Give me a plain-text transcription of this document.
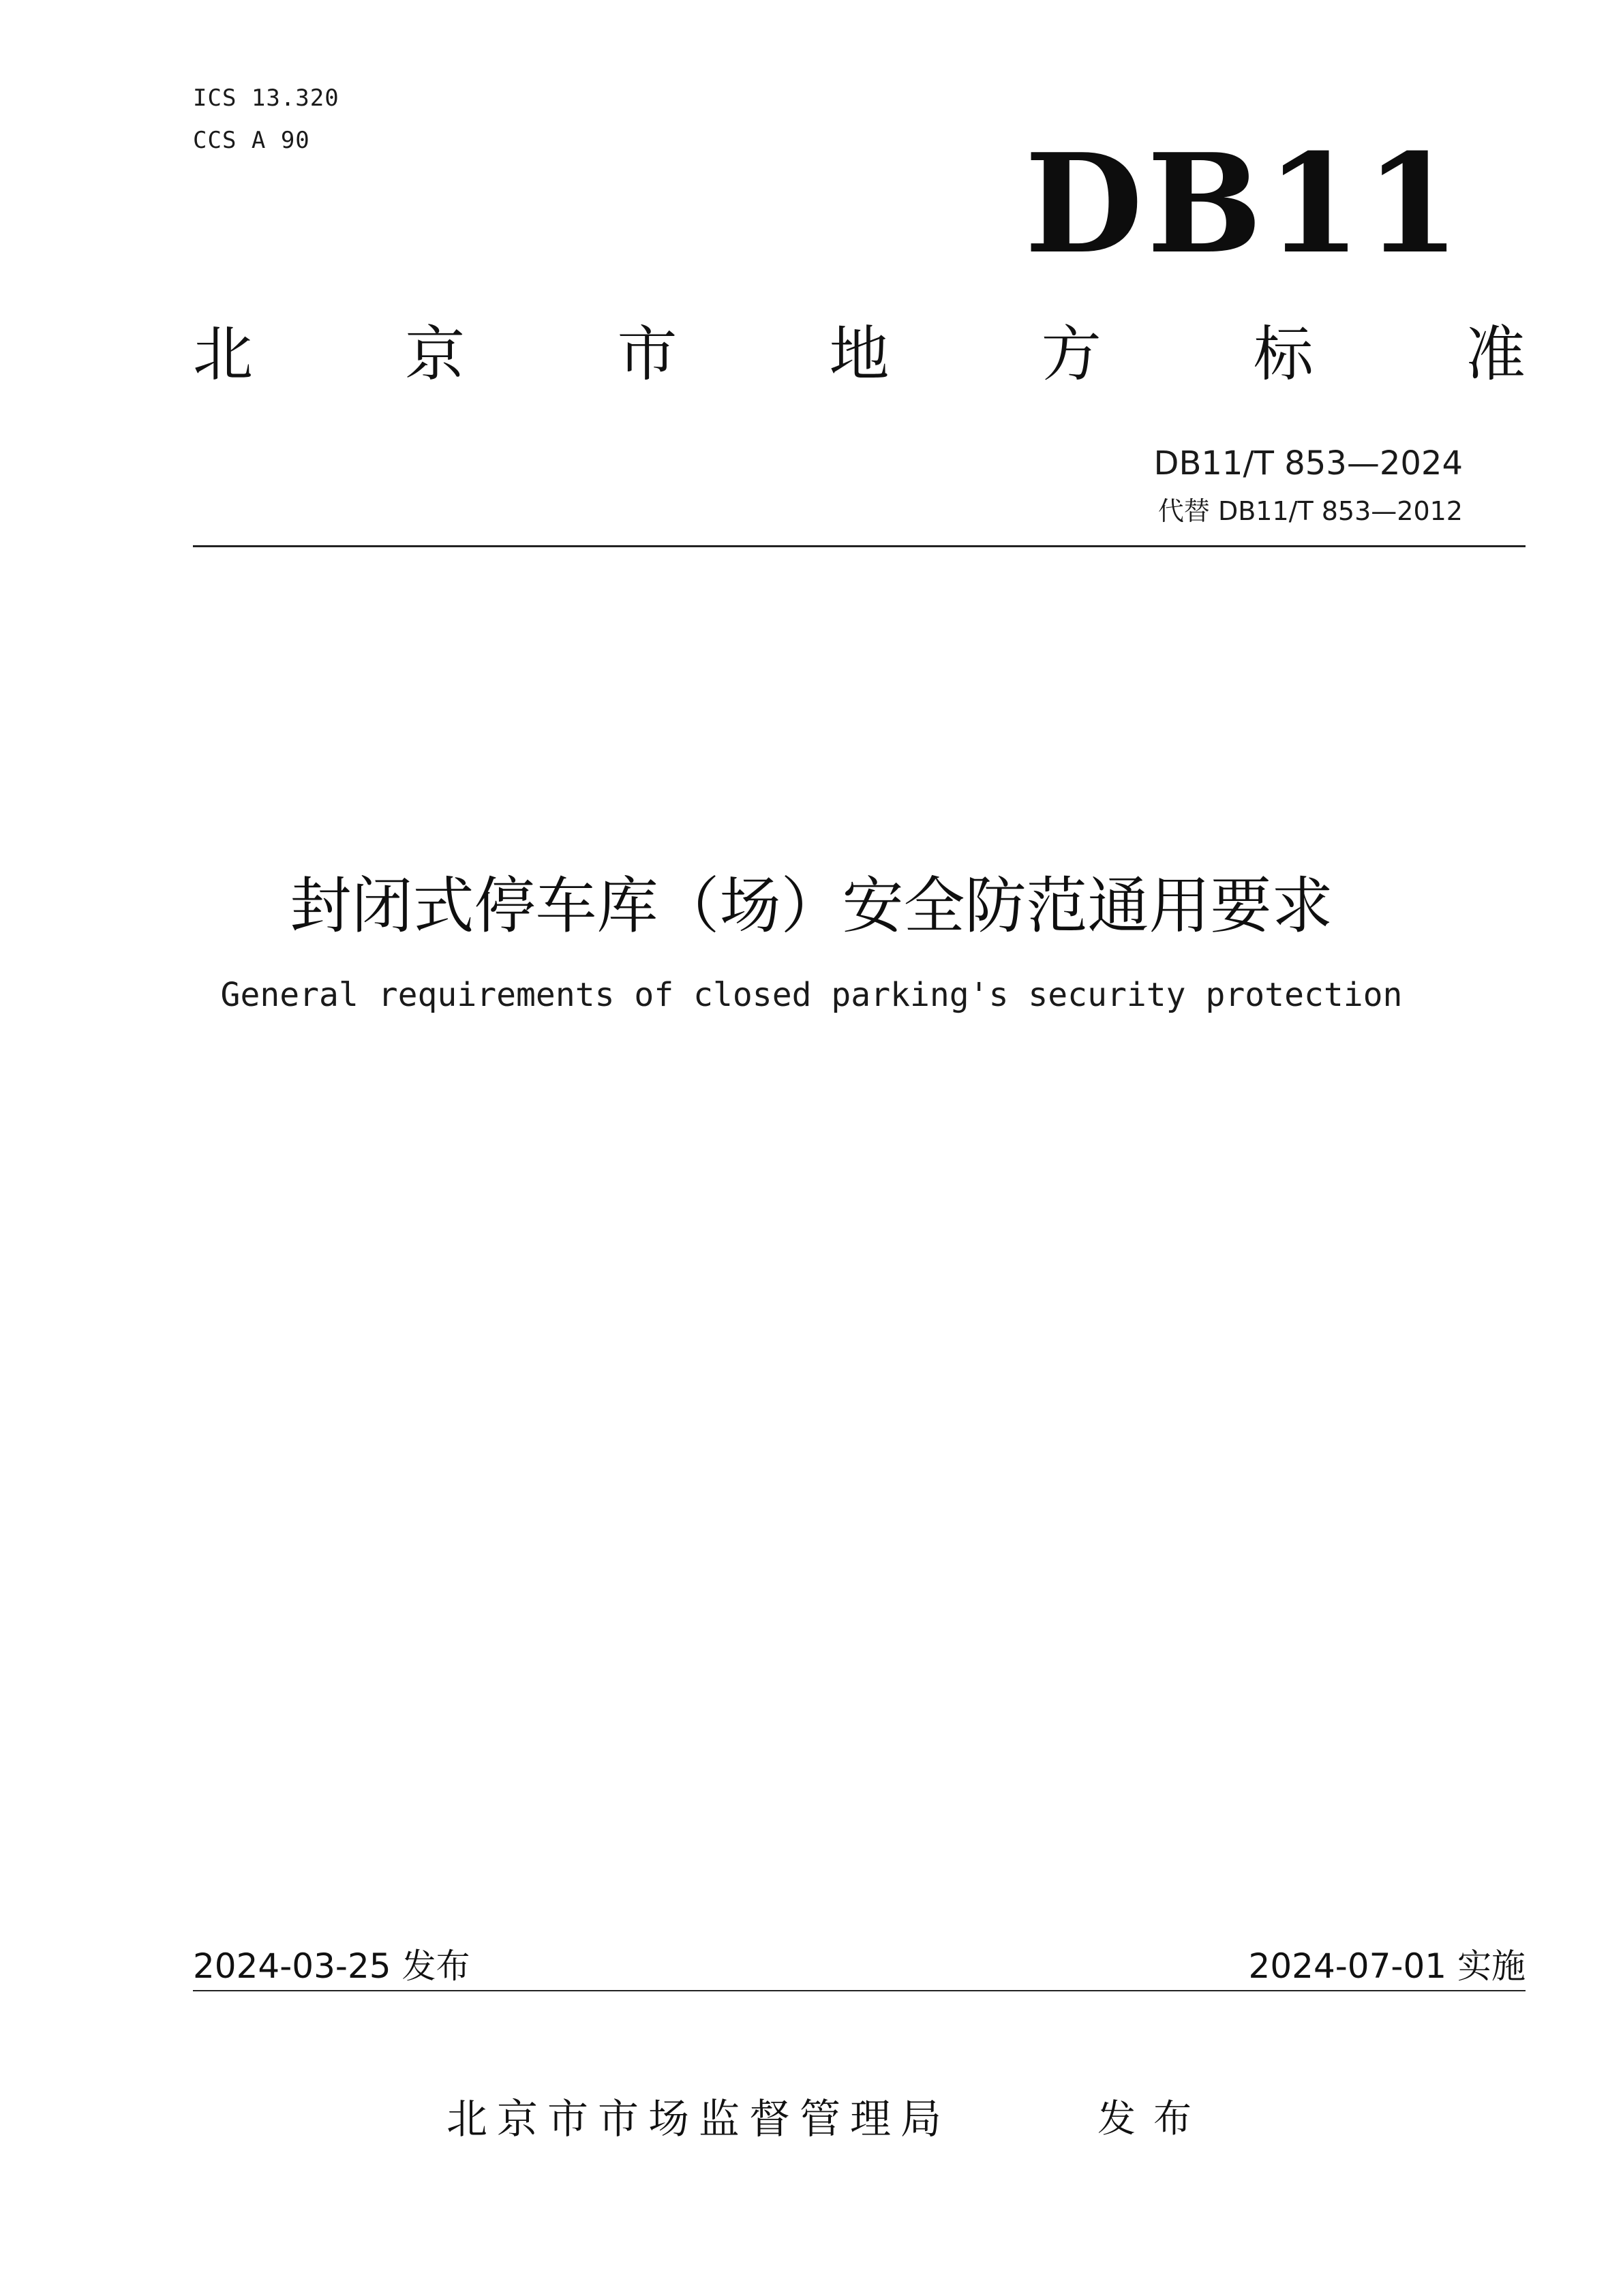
ICS 13.320
CCS A 90	DB11
北	京	市	地	方	标	准
DB11/T 853—2024
代替 DB11/T 853—2012
封闭式停车库（场）安全防范通用要求
General requirements of closed parking's security protection
2024-03-25 发布	2024-07-01 实施
北京市市场监督管理局	发布
